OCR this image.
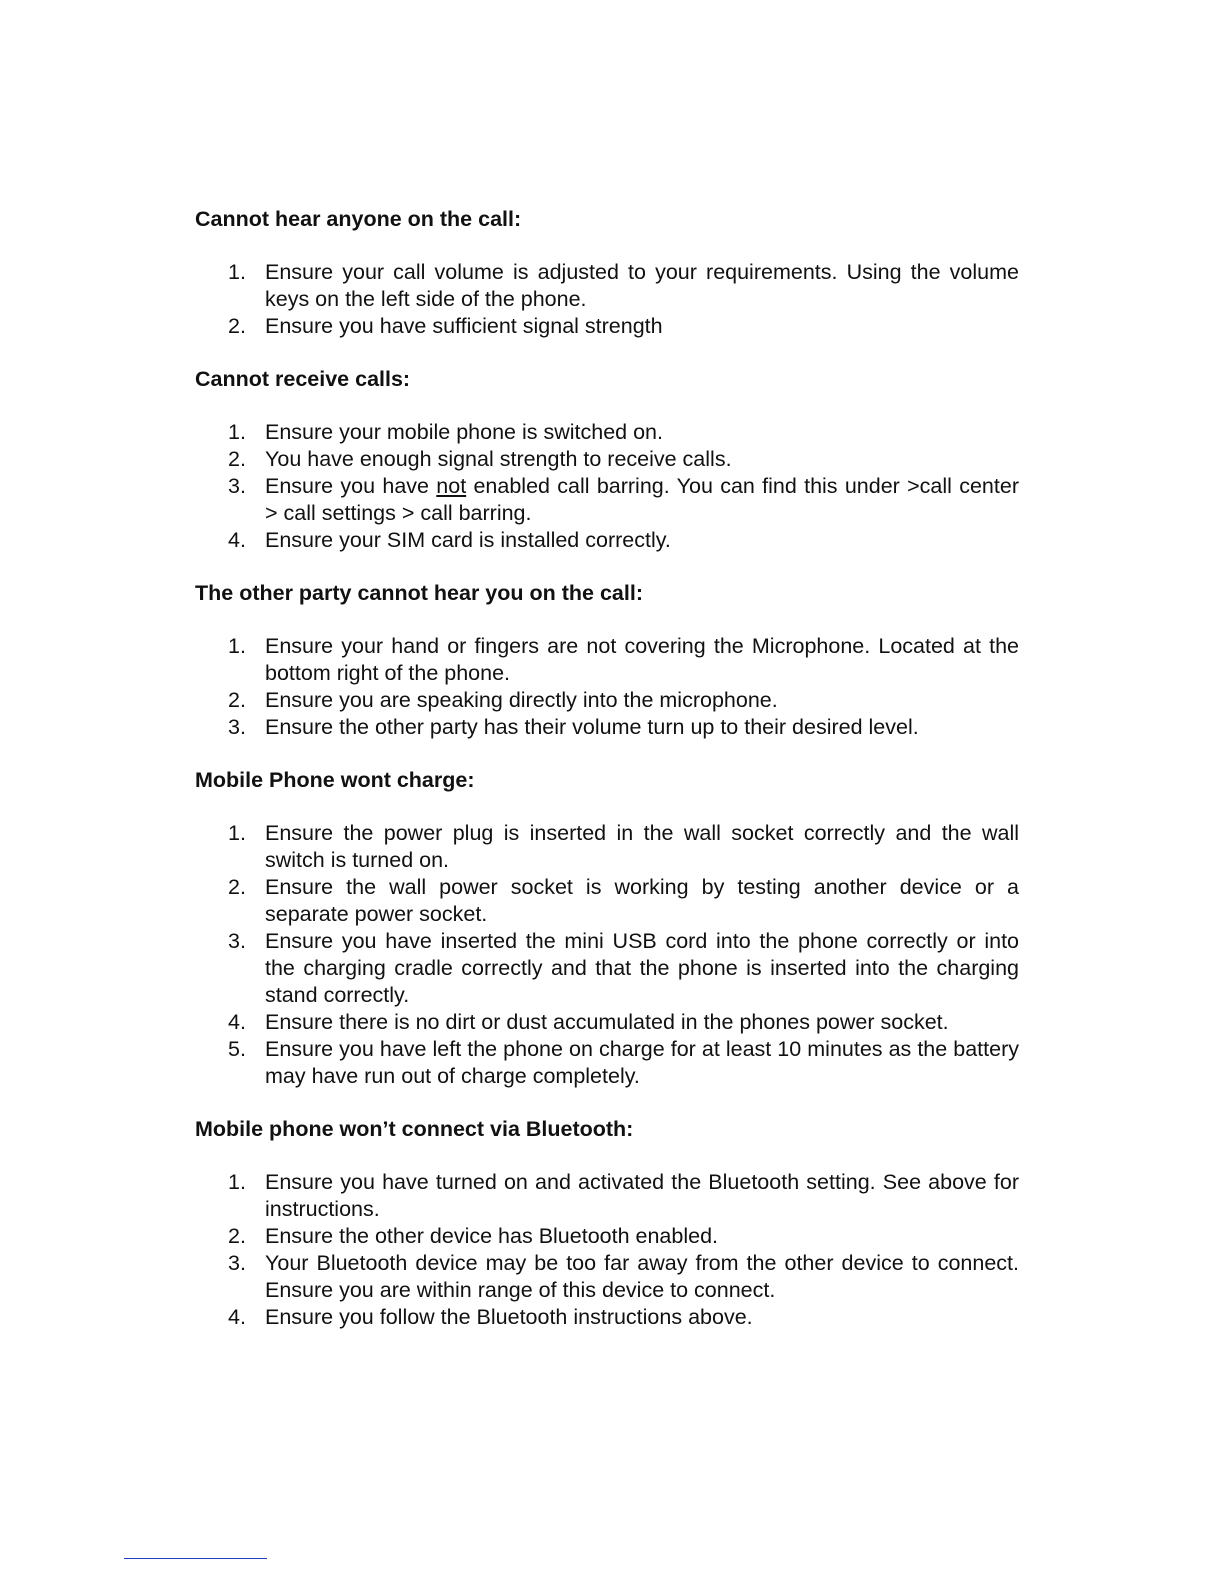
Cannot hear anyone on the call:
1. Ensure your call volume is adjusted to your requirements. Using the volume keys on the left side of the phone.
2. Ensure you have sufficient signal strength
Cannot receive calls:
1. Ensure your mobile phone is switched on.
2. You have enough signal strength to receive calls.
3. Ensure you have not enabled call barring. You can find this under >call center > call settings > call barring.
4. Ensure your SIM card is installed correctly.
The other party cannot hear you on the call:
1. Ensure your hand or fingers are not covering the Microphone. Located at the bottom right of the phone.
2. Ensure you are speaking directly into the microphone.
3. Ensure the other party has their volume turn up to their desired level.
Mobile Phone wont charge:
1. Ensure the power plug is inserted in the wall socket correctly and the wall switch is turned on.
2. Ensure the wall power socket is working by testing another device or a separate power socket.
3. Ensure you have inserted the mini USB cord into the phone correctly or into the charging cradle correctly and that the phone is inserted into the charging stand correctly.
4. Ensure there is no dirt or dust accumulated in the phones power socket.
5. Ensure you have left the phone on charge for at least 10 minutes as the battery may have run out of charge completely.
Mobile phone won’t connect via Bluetooth:
1. Ensure you have turned on and activated the Bluetooth setting. See above for instructions.
2. Ensure the other device has Bluetooth enabled.
3. Your Bluetooth device may be too far away from the other device to connect. Ensure you are within range of this device to connect.
4. Ensure you follow the Bluetooth instructions above.
